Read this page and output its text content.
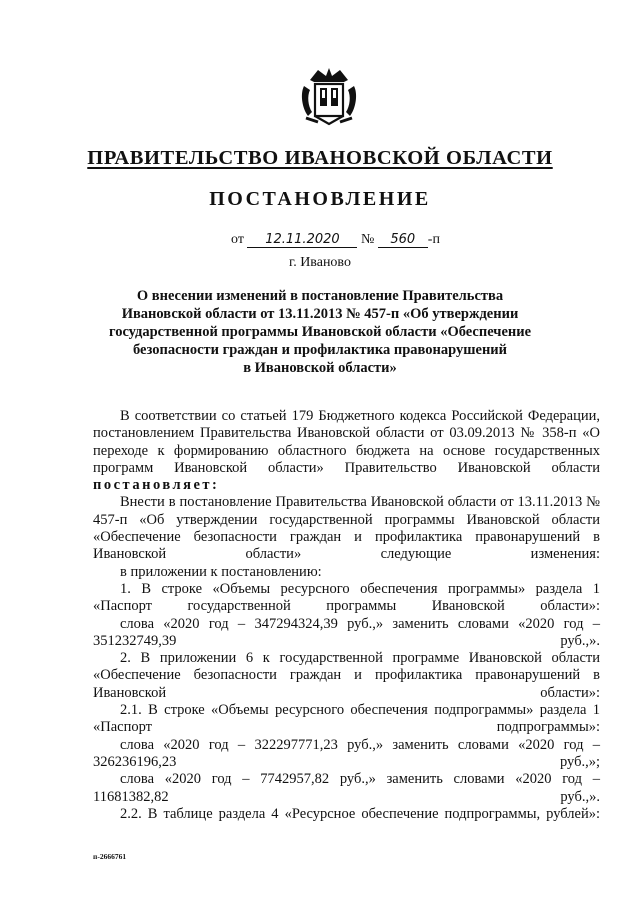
ПРАВИТЕЛЬСТВО ИВАНОВСКОЙ ОБЛАСТИ
ПОСТАНОВЛЕНИЕ
от 12.11.2020 № 560 -п
г. Иваново
О внесении изменений в постановление Правительства
Ивановской области от 13.11.2013 № 457-п «Об утверждении
государственной программы Ивановской области «Обеспечение
безопасности граждан и профилактика правонарушений
в Ивановской области»

В соответствии со статьей 179 Бюджетного кодекса Российской Федерации, постановлением Правительства Ивановской области от 03.09.2013 № 358-п «О переходе к формированию областного бюджета на основе государственных программ Ивановской области» Правительство Ивановской области постановляет:

Внести в постановление Правительства Ивановской области от 13.11.2013 № 457-п «Об утверждении государственной программы Ивановской области «Обеспечение безопасности граждан и профилактика правонарушений в Ивановской области» следующие изменения:

в приложении к постановлению:

1. В строке «Объемы ресурсного обеспечения программы» раздела 1 «Паспорт государственной программы Ивановской области»:

слова «2020 год – 347294324,39 руб.,» заменить словами «2020 год –351232749,39 руб.,».

2. В приложении 6 к государственной программе Ивановской области «Обеспечение безопасности граждан и профилактика правонарушений в Ивановской области»:

2.1. В строке «Объемы ресурсного обеспечения подпрограммы» раздела 1 «Паспорт подпрограммы»:

слова «2020 год – 322297771,23 руб.,» заменить словами «2020 год – 326236196,23 руб.,»;

слова «2020 год – 7742957,82 руб.,» заменить словами «2020 год – 11681382,82 руб.,».

2.2. В таблице раздела 4 «Ресурсное обеспечение подпрограммы, рублей»:

п-2666761
